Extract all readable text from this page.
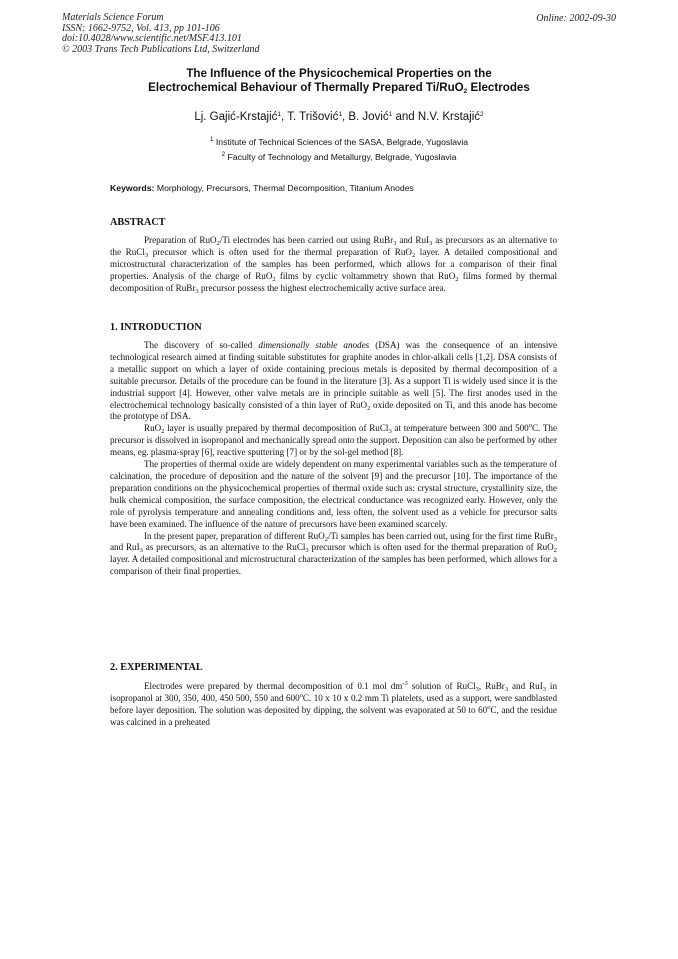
Materials Science Forum
ISSN: 1662-9752, Vol. 413, pp 101-106
doi:10.4028/www.scientific.net/MSF.413.101
© 2003 Trans Tech Publications Ltd, Switzerland
Online: 2002-09-30
The Influence of the Physicochemical Properties on the
Electrochemical Behaviour of Thermally Prepared Ti/RuO$_2$ Electrodes
Lj. Gajić-Krstajić$^1$, T. Trišović$^1$, B. Jović$^1$ and N.V. Krstajić$^2$
$^1$ Institute of Technical Sciences of the SASA, Belgrade, Yugoslavia
$^2$ Faculty of Technology and Metallurgy, Belgrade, Yugoslavia
Keywords: Morphology, Precursors, Thermal Decomposition, Titanium Anodes
ABSTRACT

Preparation of RuO$_2$/Ti electrodes has been carried out using RuBr$_3$ and RuI$_3$ as precursors as an alternative to the RuCl$_3$ precursor which is often used for the thermal preparation of RuO$_2$ layer. A detailed compositional and microstructural characterization of the samples has been performed, which allows for a comparison of their final properties. Analysis of the charge of RuO$_2$ films by cyclic voltammetry shown that RuO$_2$ films formed by thermal decomposition of RuBr$_3$ precursor possess the highest electrochemically active surface area.

1. INTRODUCTION

The discovery of so-called dimensionally stable anodes (DSA) was the consequence of an intensive technological research aimed at finding suitable substitutes for graphite anodes in chlor-alkali cells [1,2]. DSA consists of a metallic support on which a layer of oxide containing precious metals is deposited by thermal decomposition of a suitable precursor. Details of the procedure can be found in the literature [3]. As a support Ti is widely used since it is the industrial support [4]. However, other valve metals are in principle suitable as well [5]. The first anodes used in the electrochemical technology basically consisted of a thin layer of RuO$_2$ oxide deposited on Ti, and this anode has become the prototype of DSA.

RuO$_2$ layer is usually prepared by thermal decomposition of RuCl$_3$ at temperature between 300 and 500$^o$C. The precursor is dissolved in isopropanol and mechanically spread onto the support. Deposition can also be performed by other means, eg. plasma-spray [6], reactive sputtering [7] or by the sol-gel method [8].

The properties of thermal oxide are widely dependent on many experimental variables such as the temperature of calcination, the procedure of deposition and the nature of the solvent [9] and the precursor [10]. The importance of the preparation conditions on the physicochemical properties of thermal oxide such as: crystal structure, crystallinity size, the bulk chemical composition, the surface composition, the electrical conductance was recognized early. However, only the role of pyrolysis temperature and annealing conditions and, less often, the solvent used as a vehicle for precursor salts have been examined. The influence of the nature of precursors have been examined scarcely.

In the present paper, preparation of different RuO$_2$/Ti samples has been carried out, using for the first time RuBr$_3$ and RuI$_3$ as precursors, as an alternative to the RuCl$_3$ precursor which is often used for the thermal preparation of RuO$_2$ layer. A detailed compositional and microstructural characterization of the samples has been performed, which allows for a comparison of their final properties.

2. EXPERIMENTAL

Electrodes were prepared by thermal decomposition of 0.1 mol $dm^{-3}$ solution of RuCl$_3$, RuBr$_3$ and RuI$_3$ in isopropanol at 300, 350, 400, 450 500, 550 and 600$^o$C. 10 x 10 x 0.2 mm Ti platelets, used as a support, were sandblasted before layer deposition. The solution was deposited by dipping, the solvent was evaporated at 50 to 60$^o$C, and the residue was calcined in a preheated
